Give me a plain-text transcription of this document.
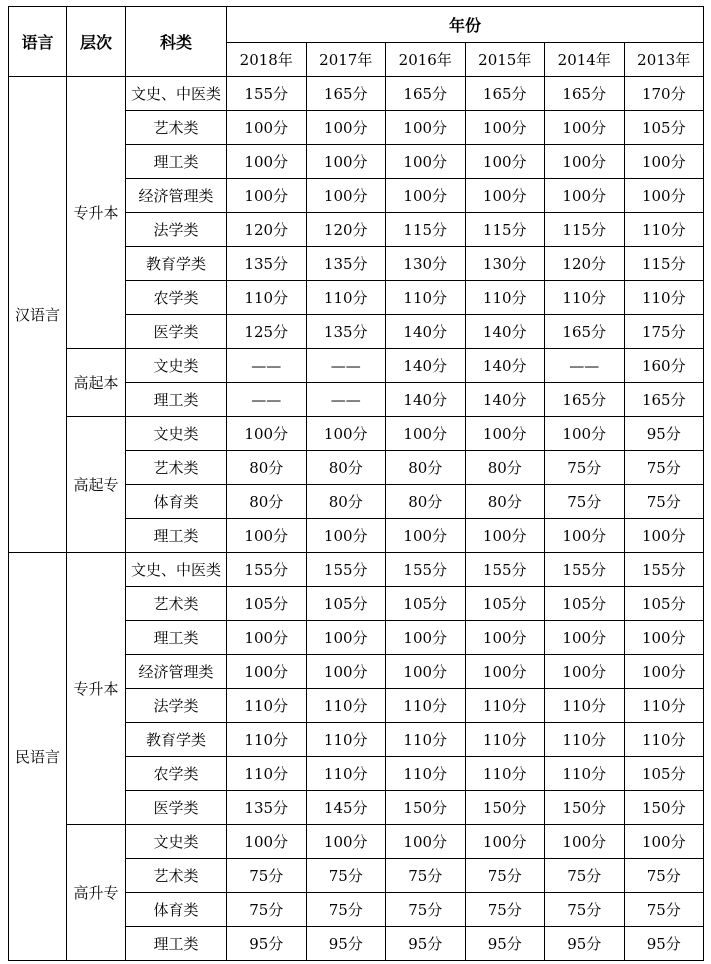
语言	层次	科类	年份					
			2018年	2017年	2016年	2015年	2014年	2013年
汉语言	专升本	文史、中医类	155分	165分	165分	165分	165分	170分
		艺术类	100分	100分	100分	100分	100分	105分
		理工类	100分	100分	100分	100分	100分	100分
		经济管理类	100分	100分	100分	100分	100分	100分
		法学类	120分	120分	115分	115分	115分	110分
		教育学类	135分	135分	130分	130分	120分	115分
		农学类	110分	110分	110分	110分	110分	110分
		医学类	125分	135分	140分	140分	165分	175分
	高起本	文史类	——	——	140分	140分	——	160分
		理工类	——	——	140分	140分	165分	165分
	高起专	文史类	100分	100分	100分	100分	100分	95分
		艺术类	80分	80分	80分	80分	75分	75分
		体育类	80分	80分	80分	80分	75分	75分
		理工类	100分	100分	100分	100分	100分	100分
民语言	专升本	文史、中医类	155分	155分	155分	155分	155分	155分
		艺术类	105分	105分	105分	105分	105分	105分
		理工类	100分	100分	100分	100分	100分	100分
		经济管理类	100分	100分	100分	100分	100分	100分
		法学类	110分	110分	110分	110分	110分	110分
		教育学类	110分	110分	110分	110分	110分	110分
		农学类	110分	110分	110分	110分	110分	105分
		医学类	135分	145分	150分	150分	150分	150分
	高升专	文史类	100分	100分	100分	100分	100分	100分
		艺术类	75分	75分	75分	75分	75分	75分
		体育类	75分	75分	75分	75分	75分	75分
		理工类	95分	95分	95分	95分	95分	95分
